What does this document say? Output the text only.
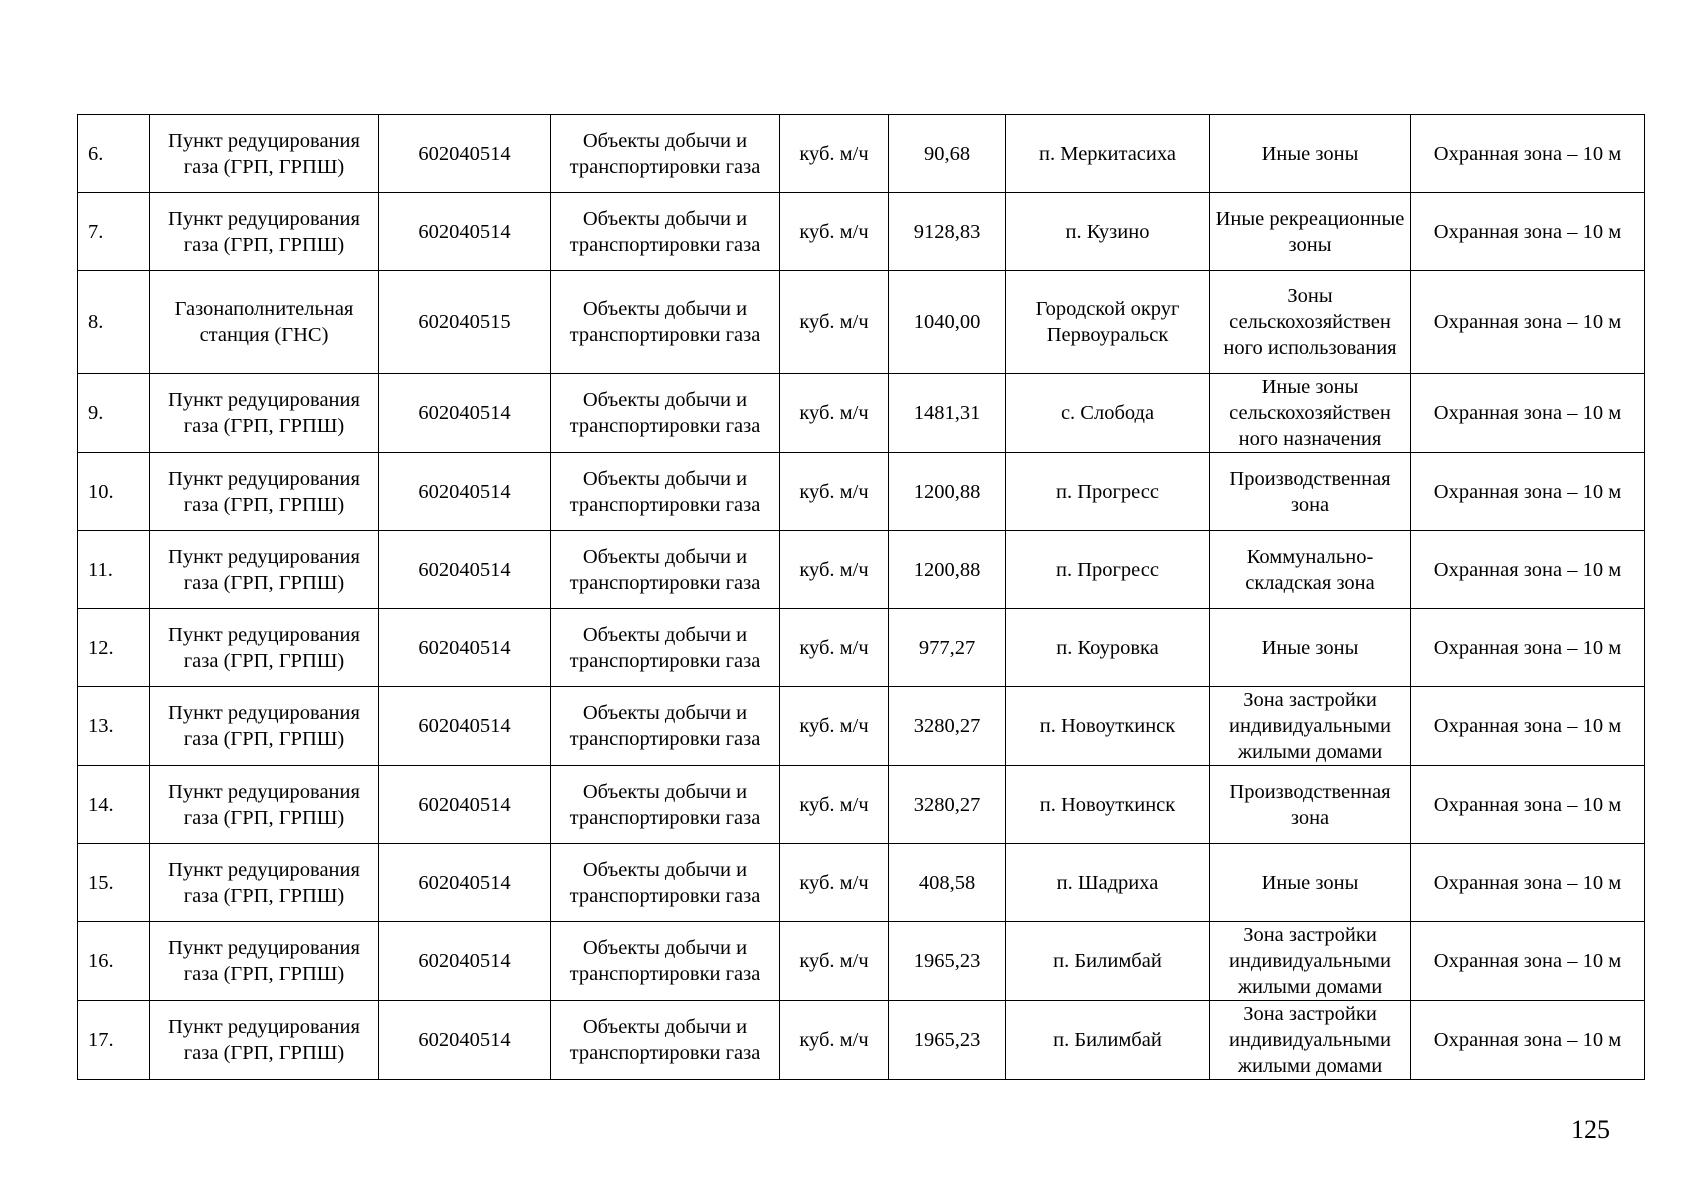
6.	Пункт редуцирования газа (ГРП, ГРПШ)	602040514	Объекты добычи и транспортировки газа	куб. м/ч	90,68	п. Меркитасиха	Иные зоны	Охранная зона – 10 м
7.	Пункт редуцирования газа (ГРП, ГРПШ)	602040514	Объекты добычи и транспортировки газа	куб. м/ч	9128,83	п. Кузино	Иные рекреационные зоны	Охранная зона – 10 м
8.	Газонаполнительная станция (ГНС)	602040515	Объекты добычи и транспортировки газа	куб. м/ч	1040,00	Городской округ Первоуральск	Зоны сельскохозяйствен ного использования	Охранная зона – 10 м
9.	Пункт редуцирования газа (ГРП, ГРПШ)	602040514	Объекты добычи и транспортировки газа	куб. м/ч	1481,31	с. Слобода	Иные зоны сельскохозяйствен ного назначения	Охранная зона – 10 м
10.	Пункт редуцирования газа (ГРП, ГРПШ)	602040514	Объекты добычи и транспортировки газа	куб. м/ч	1200,88	п. Прогресс	Производственная зона	Охранная зона – 10 м
11.	Пункт редуцирования газа (ГРП, ГРПШ)	602040514	Объекты добычи и транспортировки газа	куб. м/ч	1200,88	п. Прогресс	Коммунально-складская зона	Охранная зона – 10 м
12.	Пункт редуцирования газа (ГРП, ГРПШ)	602040514	Объекты добычи и транспортировки газа	куб. м/ч	977,27	п. Коуровка	Иные зоны	Охранная зона – 10 м
13.	Пункт редуцирования газа (ГРП, ГРПШ)	602040514	Объекты добычи и транспортировки газа	куб. м/ч	3280,27	п. Новоуткинск	Зона застройки индивидуальными жилыми домами	Охранная зона – 10 м
14.	Пункт редуцирования газа (ГРП, ГРПШ)	602040514	Объекты добычи и транспортировки газа	куб. м/ч	3280,27	п. Новоуткинск	Производственная зона	Охранная зона – 10 м
15.	Пункт редуцирования газа (ГРП, ГРПШ)	602040514	Объекты добычи и транспортировки газа	куб. м/ч	408,58	п. Шадриха	Иные зоны	Охранная зона – 10 м
16.	Пункт редуцирования газа (ГРП, ГРПШ)	602040514	Объекты добычи и транспортировки газа	куб. м/ч	1965,23	п. Билимбай	Зона застройки индивидуальными жилыми домами	Охранная зона – 10 м
17.	Пункт редуцирования газа (ГРП, ГРПШ)	602040514	Объекты добычи и транспортировки газа	куб. м/ч	1965,23	п. Билимбай	Зона застройки индивидуальными жилыми домами	Охранная зона – 10 м
125
